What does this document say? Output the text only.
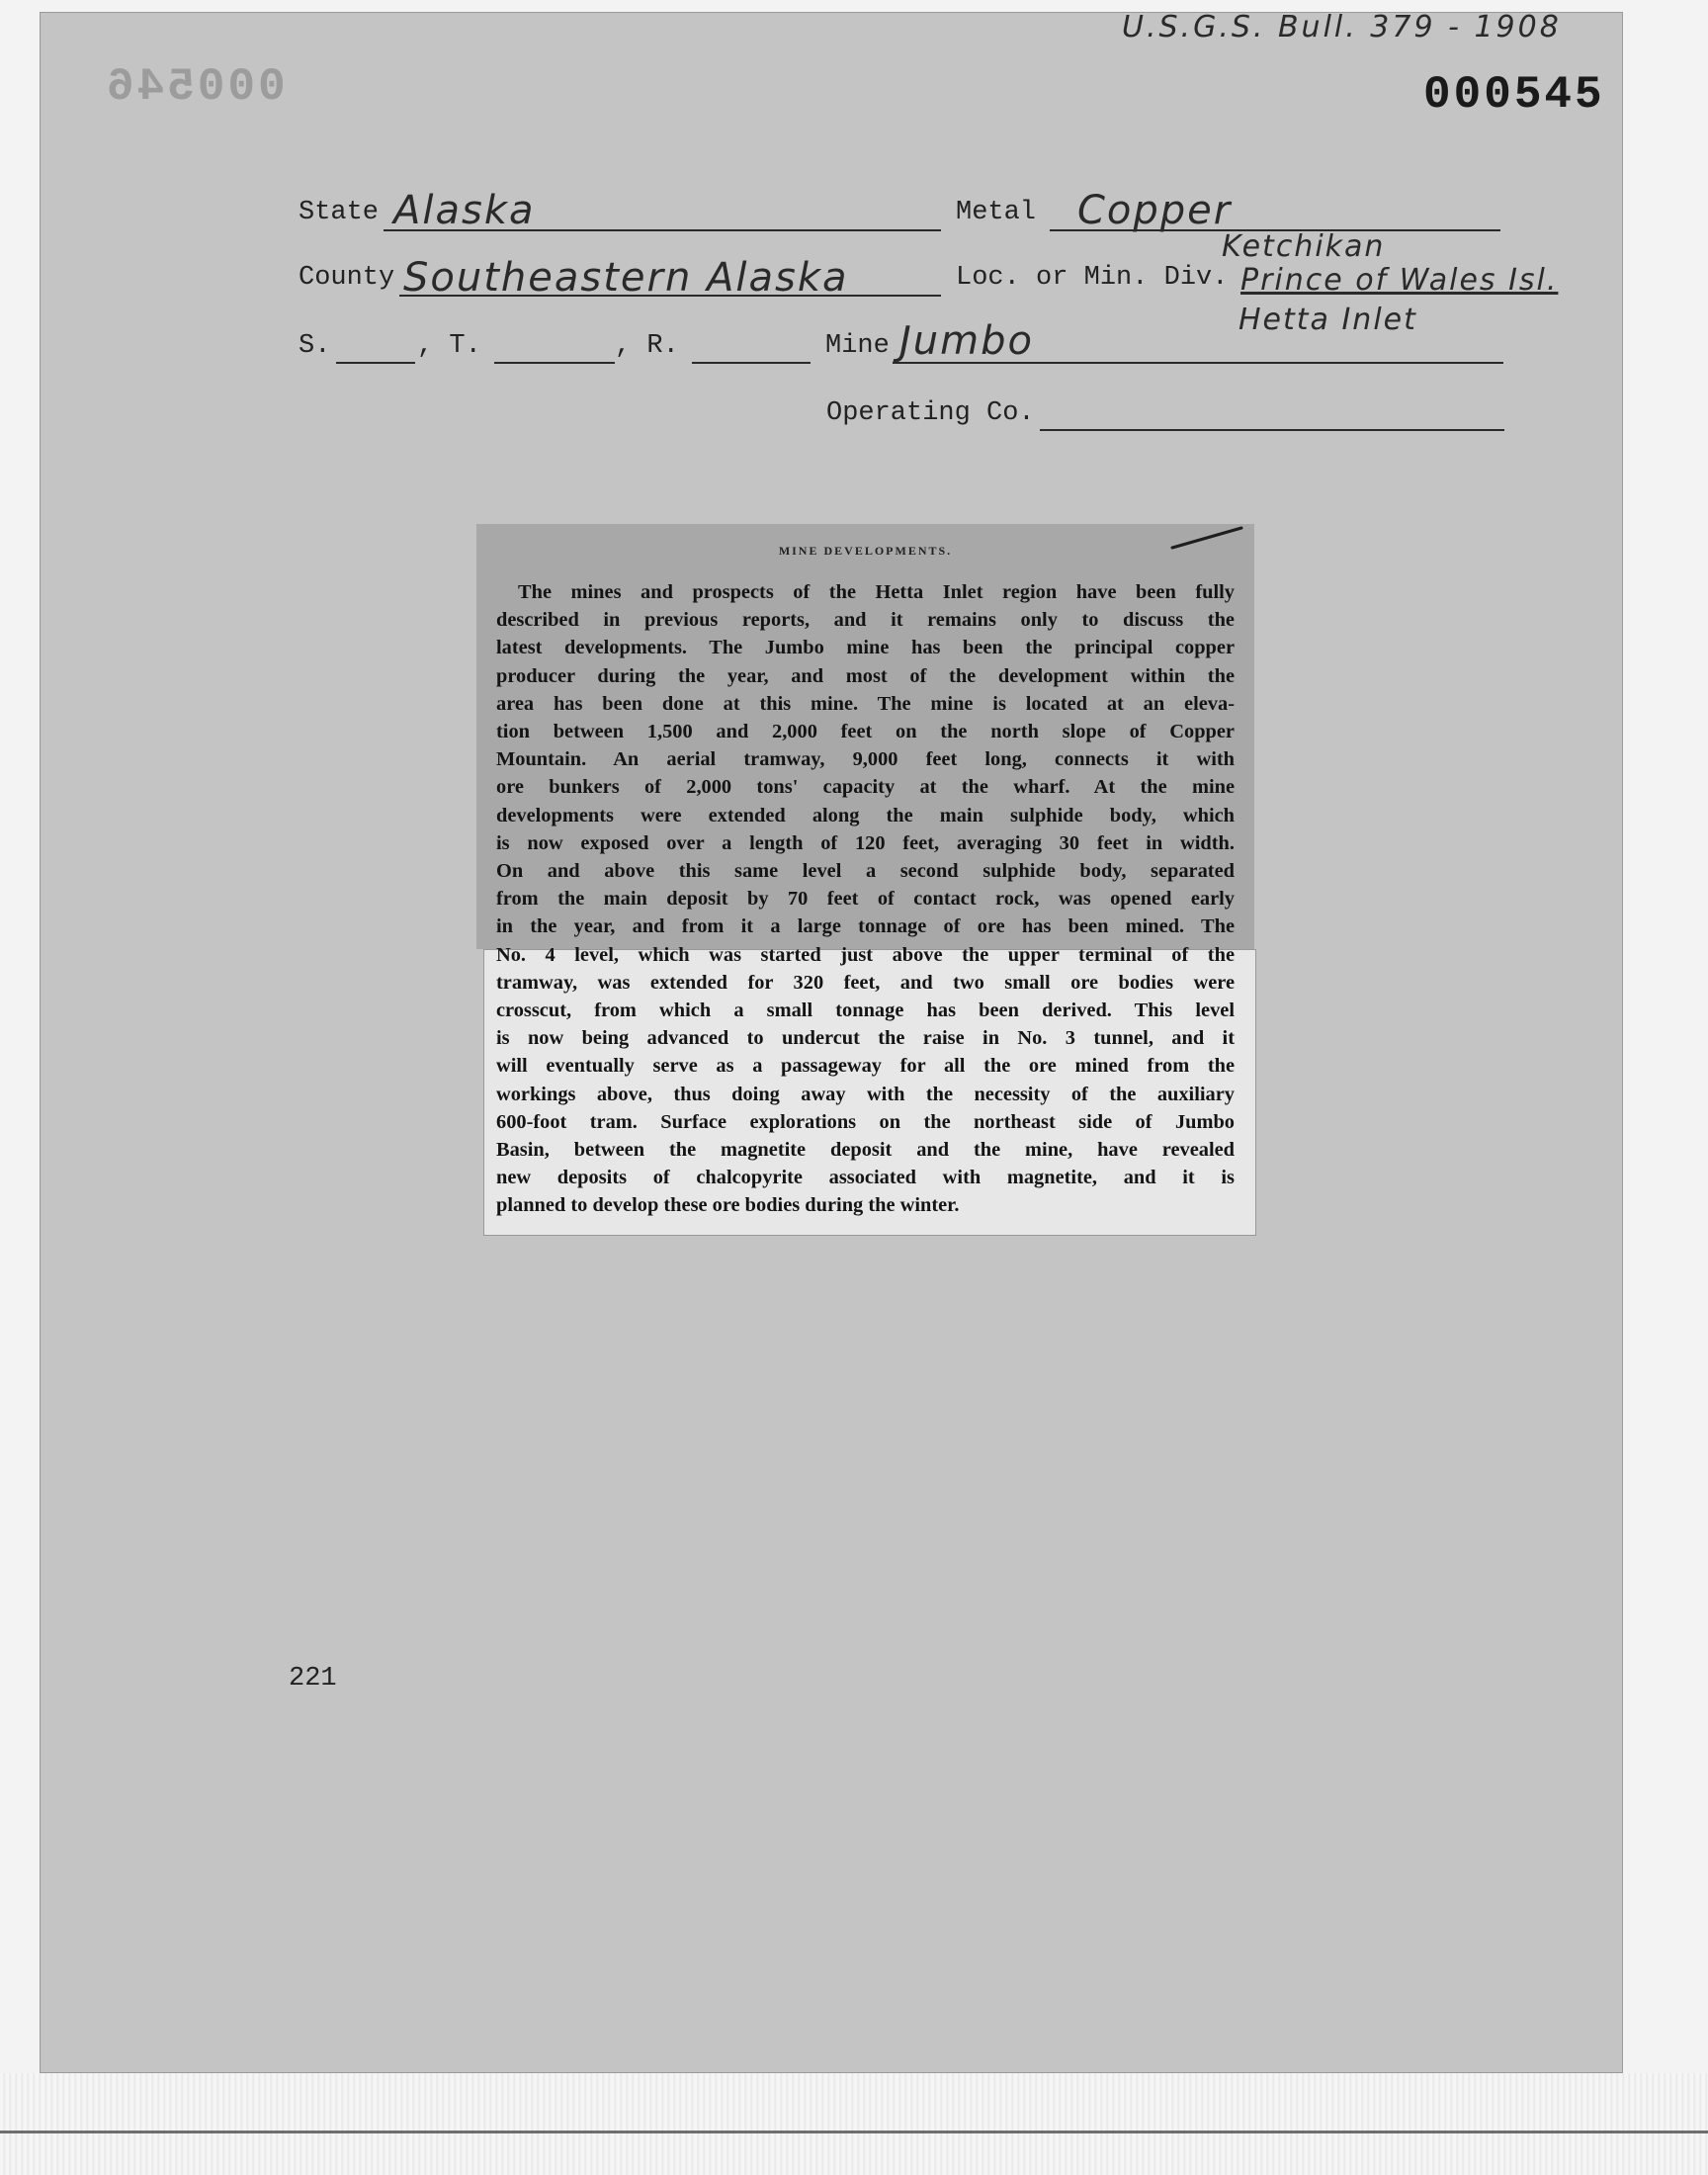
U.S.G.S. Bull. 379 - 1908
000545
000546
State Alaska	Metal Copper
County Southeastern Alaska	Loc. or Min. Div.
Ketchikan
Prince of Wales Isl.
Hetta Inlet
S.	, T.	, R.	Mine Jumbo
Operating Co.
MINE DEVELOPMENTS.
The mines and prospects of the Hetta Inlet region have been fully
described in previous reports, and it remains only to discuss the
latest developments. The Jumbo mine has been the principal copper
producer during the year, and most of the development within the
area has been done at this mine. The mine is located at an eleva-
tion between 1,500 and 2,000 feet on the north slope of Copper
Mountain. An aerial tramway, 9,000 feet long, connects it with
ore bunkers of 2,000 tons' capacity at the wharf. At the mine
developments were extended along the main sulphide body, which
is now exposed over a length of 120 feet, averaging 30 feet in width.
On and above this same level a second sulphide body, separated
from the main deposit by 70 feet of contact rock, was opened early
in the year, and from it a large tonnage of ore has been mined. The
No. 4 level, which was started just above the upper terminal of the
tramway, was extended for 320 feet, and two small ore bodies were
crosscut, from which a small tonnage has been derived. This level
is now being advanced to undercut the raise in No. 3 tunnel, and it
will eventually serve as a passageway for all the ore mined from the
workings above, thus doing away with the necessity of the auxiliary
600-foot tram. Surface explorations on the northeast side of Jumbo
Basin, between the magnetite deposit and the mine, have revealed
new deposits of chalcopyrite associated with magnetite, and it is
planned to develop these ore bodies during the winter.
221
